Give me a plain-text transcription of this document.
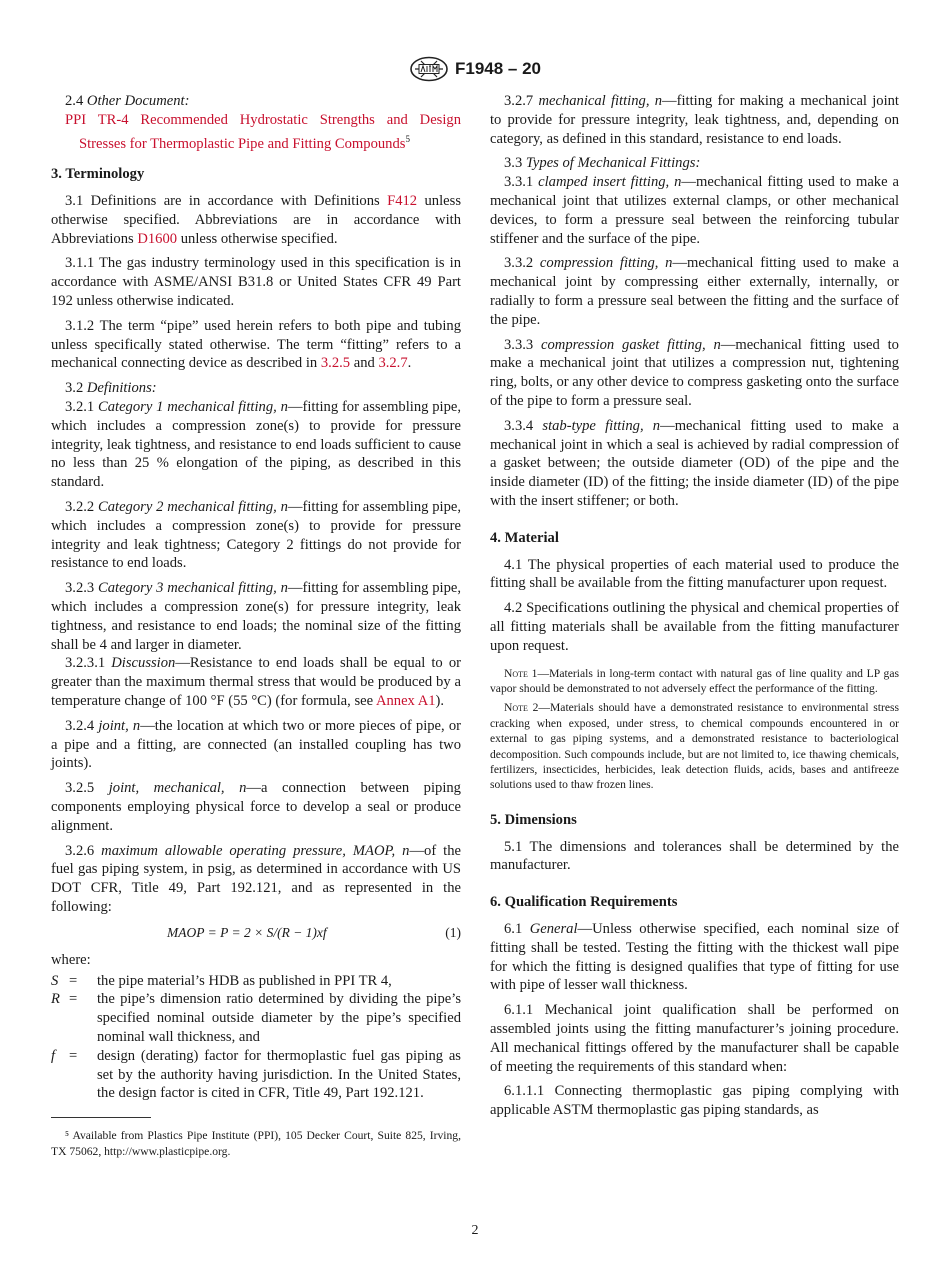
F1948 – 20

2.4 Other Document:

PPI TR-4 Recommended Hydrostatic Strengths and Design Stresses for Thermoplastic Pipe and Fitting Compounds$^5$

3. Terminology

3.1 Definitions are in accordance with Definitions F412 unless otherwise specified. Abbreviations are in accordance with Abbreviations D1600 unless otherwise specified.

3.1.1 The gas industry terminology used in this specification is in accordance with ASME/ANSI B31.8 or United States CFR 49 Part 192 unless otherwise indicated.

3.1.2 The term “pipe” used herein refers to both pipe and tubing unless specifically stated otherwise. The term “fitting” refers to a mechanical connecting device as described in 3.2.5 and 3.2.7.

3.2 Definitions:

3.2.1 Category 1 mechanical fitting, n—fitting for assembling pipe, which includes a compression zone(s) to provide for pressure integrity, leak tightness, and resistance to end loads sufficient to cause no less than 25 % elongation of the piping, as described in this standard.

3.2.2 Category 2 mechanical fitting, n—fitting for assembling pipe, which includes a compression zone(s) to provide for pressure integrity and leak tightness; Category 2 fittings do not provide for resistance to end loads.

3.2.3 Category 3 mechanical fitting, n—fitting for assembling pipe, which includes a compression zone(s) for pressure integrity, leak tightness, and resistance to end loads; the nominal size of the fitting shall be 4 and larger in diameter.

3.2.3.1 Discussion—Resistance to end loads shall be equal to or greater than the maximum thermal stress that would be produced by a temperature change of 100 °F (55 °C) (for formula, see Annex A1).

3.2.4 joint, n—the location at which two or more pieces of pipe, or a pipe and a fitting, are connected (an installed coupling has two joints).

3.2.5 joint, mechanical, n—a connection between piping components employing physical force to develop a seal or produce alignment.

3.2.6 maximum allowable operating pressure, MAOP, n—of the fuel gas piping system, in psig, as determined in accordance with US DOT CFR, Title 49, Part 192.121, and as represented in the following:

MAOP = P = 2 × S/(R − 1)xf	(1)

where:

S =	the pipe material’s HDB as published in PPI TR 4,
R =	the pipe’s dimension ratio determined by dividing the pipe’s specified nominal outside diameter by the pipe’s specified nominal wall thickness, and
f =	design (derating) factor for thermoplastic fuel gas piping as set by the authority having jurisdiction. In the United States, the design factor is cited in CFR, Title 49, Part 192.121.

⁵ Available from Plastics Pipe Institute (PPI), 105 Decker Court, Suite 825, Irving, TX 75062, http://www.plasticpipe.org.

3.2.7 mechanical fitting, n—fitting for making a mechanical joint to provide for pressure integrity, leak tightness, and, depending on category, as defined in this standard, resistance to end loads.

3.3 Types of Mechanical Fittings:

3.3.1 clamped insert fitting, n—mechanical fitting used to make a mechanical joint that utilizes external clamps, or other mechanical devices, to form a pressure seal between the reinforcing tubular stiffener and the surface of the pipe.

3.3.2 compression fitting, n—mechanical fitting used to make a mechanical joint by compressing either externally, internally, or radially to form a pressure seal between the fitting and the surface of the pipe.

3.3.3 compression gasket fitting, n—mechanical fitting used to make a mechanical joint that utilizes a compression nut, tightening ring, bolts, or any other device to compress gasketing onto the surface of the pipe to form a pressure seal.

3.3.4 stab-type fitting, n—mechanical fitting used to make a mechanical joint in which a seal is achieved by radial compression of a gasket between; the outside diameter (OD) of the pipe and the inside diameter (ID) of the fitting; the inside diameter (ID) of the pipe with the insert stiffener; or both.

4. Material

4.1 The physical properties of each material used to produce the fitting shall be available from the fitting manufacturer upon request.

4.2 Specifications outlining the physical and chemical properties of all fitting materials shall be available from the fitting manufacturer upon request.

Note 1—Materials in long-term contact with natural gas of line quality and LP gas vapor should be demonstrated to not adversely effect the performance of the fitting.

Note 2—Materials should have a demonstrated resistance to environmental stress cracking when exposed, under stress, to chemical compounds encountered in or external to gas piping systems, and a demonstrated resistance to bacteriological decomposition. Such compounds include, but are not limited to, ice thawing chemicals, fertilizers, insecticides, herbicides, leak detection fluids, acids, bases and antifreeze solutions used to thaw frozen lines.

5. Dimensions

5.1 The dimensions and tolerances shall be determined by the manufacturer.

6. Qualification Requirements

6.1 General—Unless otherwise specified, each nominal size of fitting shall be tested. Testing the fitting with the thickest wall pipe for which the fitting is designed qualifies that type of fitting for use with pipe of lesser wall thickness.

6.1.1 Mechanical joint qualification shall be performed on assembled joints using the fitting manufacturer’s joining procedure. All mechanical fittings offered by the manufacturer shall be capable of meeting the requirements of this standard when:

6.1.1.1 Connecting thermoplastic gas piping complying with applicable ASTM thermoplastic gas piping standards, as

2
